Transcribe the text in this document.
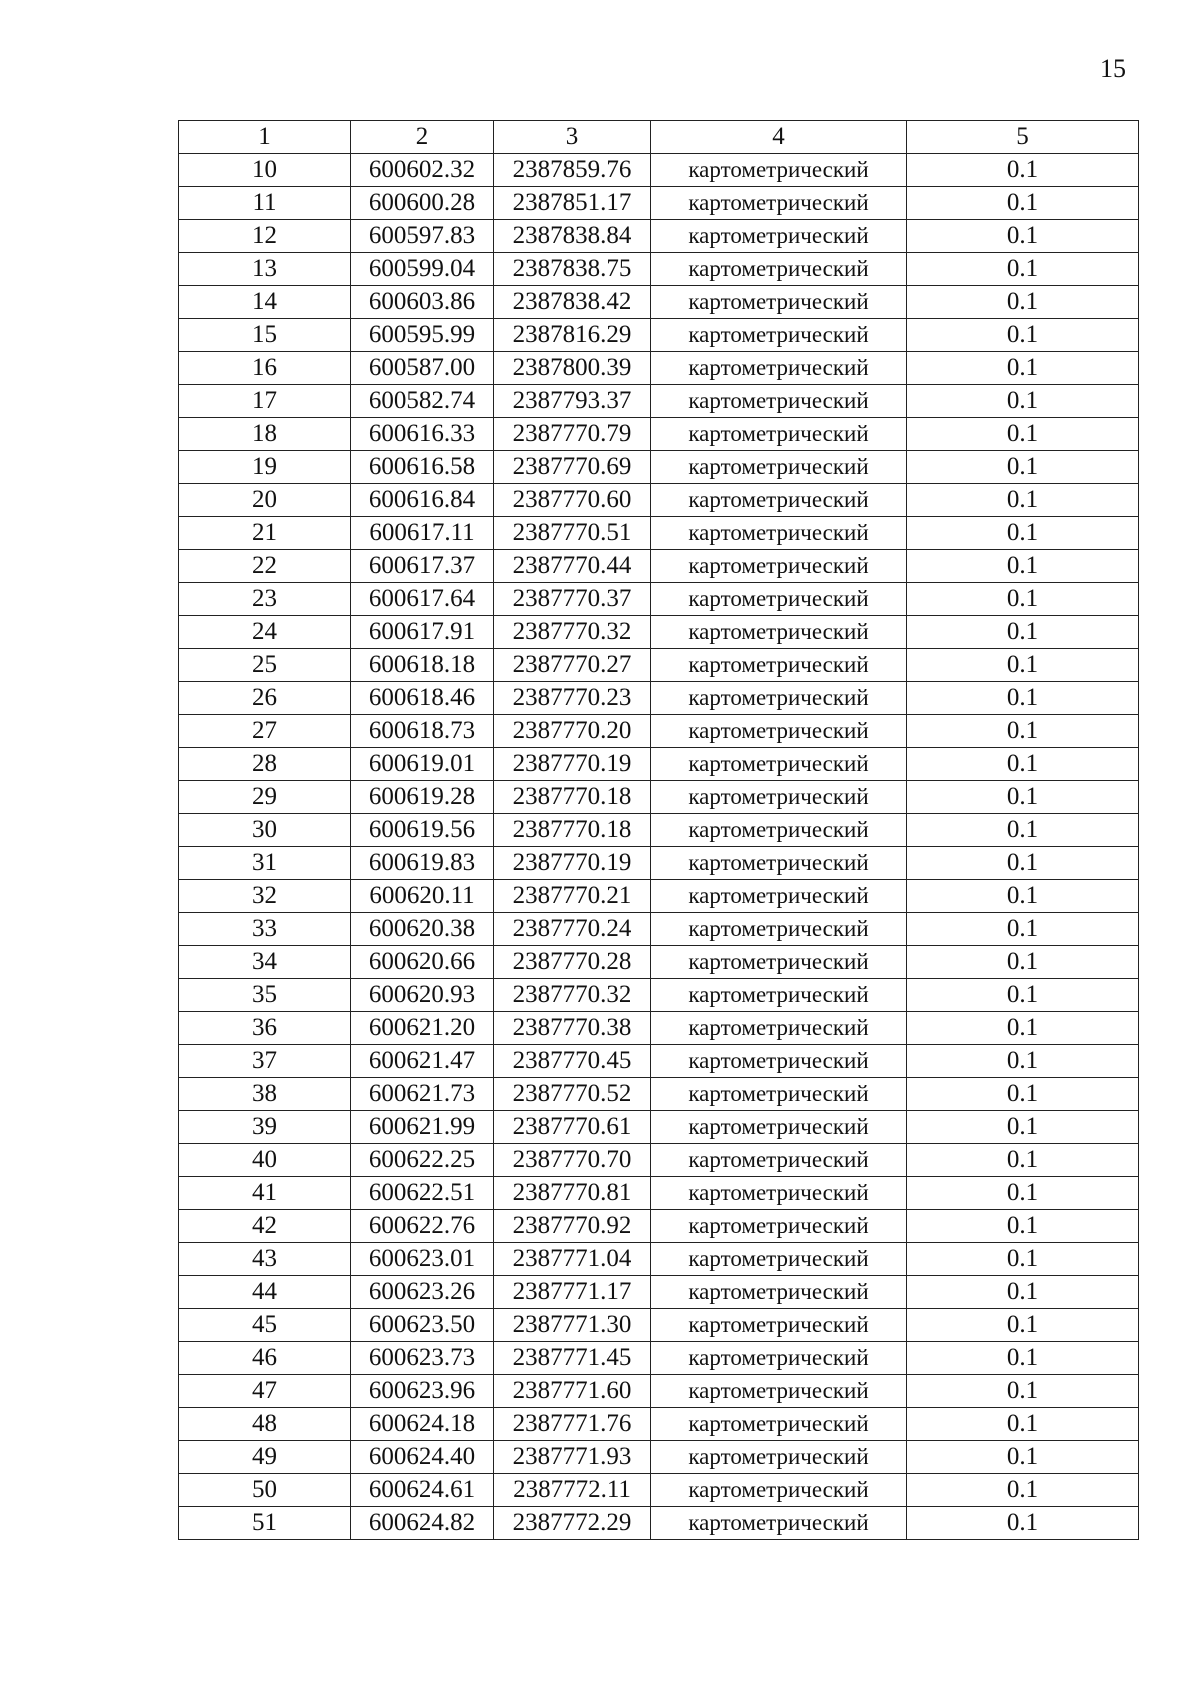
15
1	2	3	4	5
10	600602.32	2387859.76	картометрический	0.1
11	600600.28	2387851.17	картометрический	0.1
12	600597.83	2387838.84	картометрический	0.1
13	600599.04	2387838.75	картометрический	0.1
14	600603.86	2387838.42	картометрический	0.1
15	600595.99	2387816.29	картометрический	0.1
16	600587.00	2387800.39	картометрический	0.1
17	600582.74	2387793.37	картометрический	0.1
18	600616.33	2387770.79	картометрический	0.1
19	600616.58	2387770.69	картометрический	0.1
20	600616.84	2387770.60	картометрический	0.1
21	600617.11	2387770.51	картометрический	0.1
22	600617.37	2387770.44	картометрический	0.1
23	600617.64	2387770.37	картометрический	0.1
24	600617.91	2387770.32	картометрический	0.1
25	600618.18	2387770.27	картометрический	0.1
26	600618.46	2387770.23	картометрический	0.1
27	600618.73	2387770.20	картометрический	0.1
28	600619.01	2387770.19	картометрический	0.1
29	600619.28	2387770.18	картометрический	0.1
30	600619.56	2387770.18	картометрический	0.1
31	600619.83	2387770.19	картометрический	0.1
32	600620.11	2387770.21	картометрический	0.1
33	600620.38	2387770.24	картометрический	0.1
34	600620.66	2387770.28	картометрический	0.1
35	600620.93	2387770.32	картометрический	0.1
36	600621.20	2387770.38	картометрический	0.1
37	600621.47	2387770.45	картометрический	0.1
38	600621.73	2387770.52	картометрический	0.1
39	600621.99	2387770.61	картометрический	0.1
40	600622.25	2387770.70	картометрический	0.1
41	600622.51	2387770.81	картометрический	0.1
42	600622.76	2387770.92	картометрический	0.1
43	600623.01	2387771.04	картометрический	0.1
44	600623.26	2387771.17	картометрический	0.1
45	600623.50	2387771.30	картометрический	0.1
46	600623.73	2387771.45	картометрический	0.1
47	600623.96	2387771.60	картометрический	0.1
48	600624.18	2387771.76	картометрический	0.1
49	600624.40	2387771.93	картометрический	0.1
50	600624.61	2387772.11	картометрический	0.1
51	600624.82	2387772.29	картометрический	0.1
